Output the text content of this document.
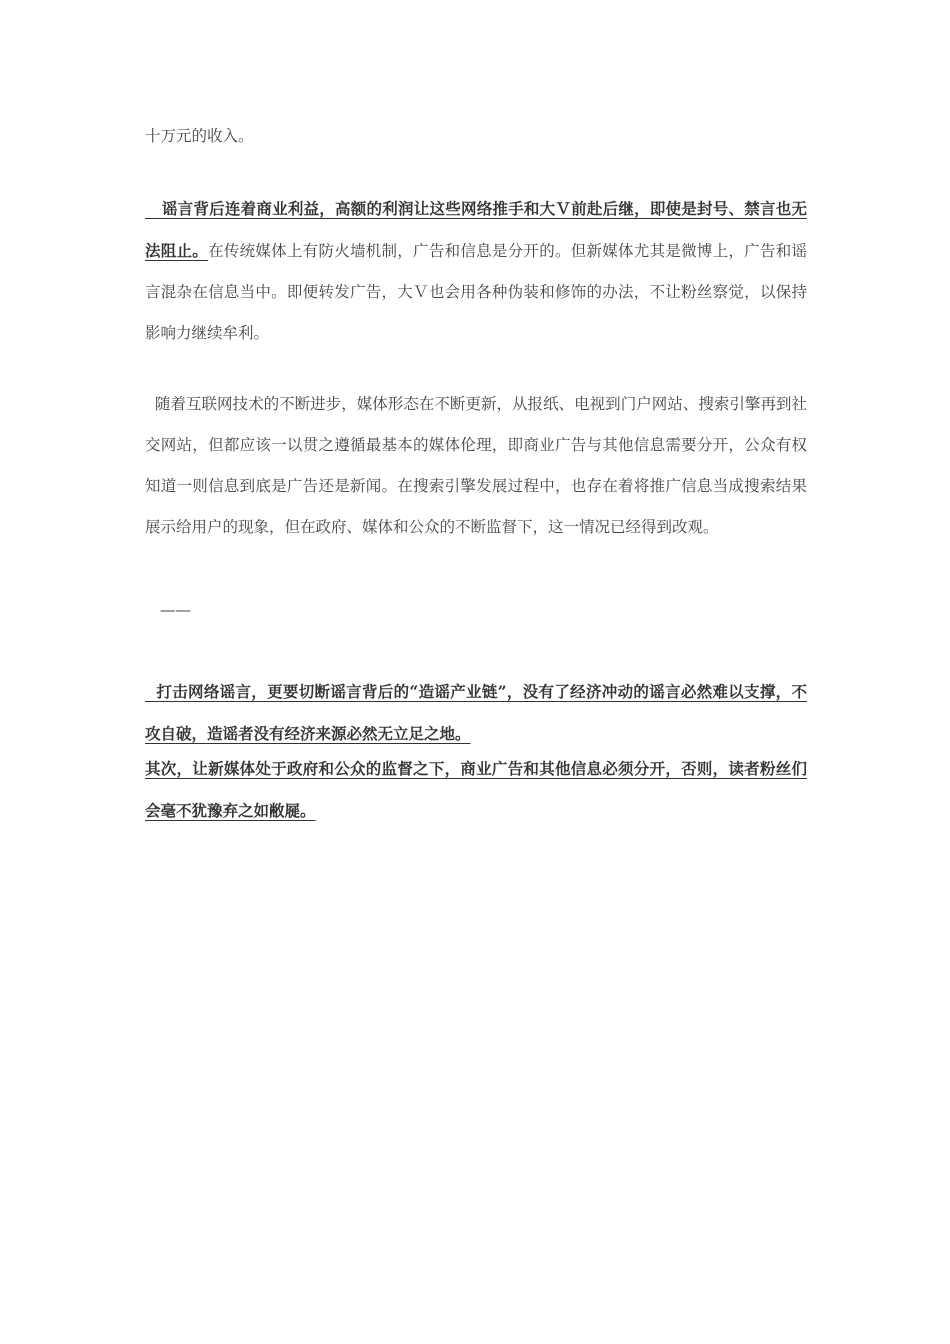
十万元的收入。
谣言背后连着商业利益，高额的利润让这些网络推手和大Ｖ前赴后继，即使是封号、禁言也无法阻止。在传统媒体上有防火墙机制，广告和信息是分开的。但新媒体尤其是微博上，广告和谣言混杂在信息当中。即便转发广告，大Ｖ也会用各种伪装和修饰的办法，不让粉丝察觉，以保持影响力继续牟利。
随着互联网技术的不断进步，媒体形态在不断更新，从报纸、电视到门户网站、搜索引擎再到社交网站，但都应该一以贯之遵循最基本的媒体伦理，即商业广告与其他信息需要分开，公众有权知道一则信息到底是广告还是新闻。在搜索引擎发展过程中，也存在着将推广信息当成搜索结果展示给用户的现象，但在政府、媒体和公众的不断监督下，这一情况已经得到改观。
——
打击网络谣言，更要切断谣言背后的“造谣产业链”，没有了经济冲动的谣言必然难以支撑，不攻自破，造谣者没有经济来源必然无立足之地。
其次，让新媒体处于政府和公众的监督之下，商业广告和其他信息必须分开，否则，读者粉丝们会毫不犹豫弃之如敝屣。
